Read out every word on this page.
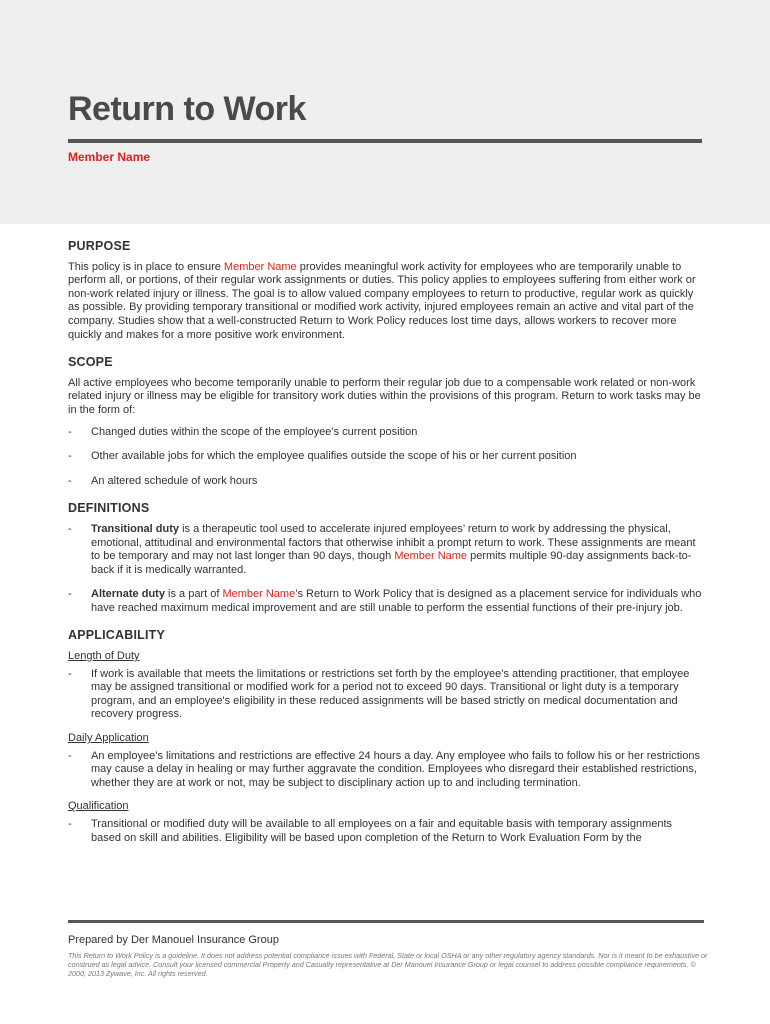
Return to Work
Member Name
PURPOSE

This policy is in place to ensure Member Name provides meaningful work activity for employees who are temporarily unable to perform all, or portions, of their regular work assignments or duties. This policy applies to employees suffering from either work or non-work related injury or illness. The goal is to allow valued company employees to return to productive, regular work as quickly as possible. By providing temporary transitional or modified work activity, injured employees remain an active and vital part of the company. Studies show that a well-constructed Return to Work Policy reduces lost time days, allows workers to recover more quickly and makes for a more positive work environment.

SCOPE

All active employees who become temporarily unable to perform their regular job due to a compensable work related or non-work related injury or illness may be eligible for transitory work duties within the provisions of this program. Return to work tasks may be in the form of:

- Changed duties within the scope of the employee’s current position
- Other available jobs for which the employee qualifies outside the scope of his or her current position
- An altered schedule of work hours
DEFINITIONS
- Transitional duty is a therapeutic tool used to accelerate injured employees’ return to work by addressing the physical, emotional, attitudinal and environmental factors that otherwise inhibit a prompt return to work. These assignments are meant to be temporary and may not last longer than 90 days, though Member Name permits multiple 90-day assignments back-to-back if it is medically warranted.
- Alternate duty is a part of Member Name’s Return to Work Policy that is designed as a placement service for individuals who have reached maximum medical improvement and are still unable to perform the essential functions of their pre-injury job.
APPLICABILITY

Length of Duty

- If work is available that meets the limitations or restrictions set forth by the employee’s attending practitioner, that employee may be assigned transitional or modified work for a period not to exceed 90 days. Transitional or light duty is a temporary program, and an employee's eligibility in these reduced assignments will be based strictly on medical documentation and recovery progress.

Daily Application

- An employee’s limitations and restrictions are effective 24 hours a day. Any employee who fails to follow his or her restrictions may cause a delay in healing or may further aggravate the condition. Employees who disregard their established restrictions, whether they are at work or not, may be subject to disciplinary action up to and including termination.

Qualification

- Transitional or modified duty will be available to all employees on a fair and equitable basis with temporary assignments based on skill and abilities. Eligibility will be based upon completion of the Return to Work Evaluation Form by the
Prepared by Der Manouel Insurance Group
This Return to Work Policy is a guideline. It does not address potential compliance issues with Federal, State or local OSHA or any other regulatory agency standards. Nor is it meant to be exhaustive or construed as legal advice. Consult your licensed commercial Property and Casualty representative at Der Manouel Insurance Group or legal counsel to address possible compliance requirements. © 2000, 2013 Zywave, Inc. All rights reserved.
